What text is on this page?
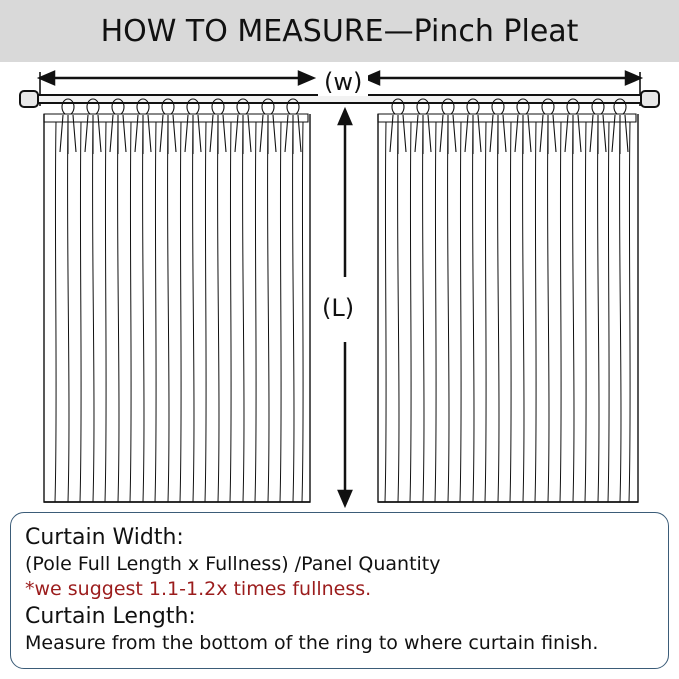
HOW TO MEASURE—Pinch Pleat
(w)
(L)
Curtain Width:
(Pole Full Length x Fullness) /Panel Quantity
*we suggest 1.1-1.2x times fullness.
Curtain Length:
Measure from the bottom of the ring to where curtain finish.
